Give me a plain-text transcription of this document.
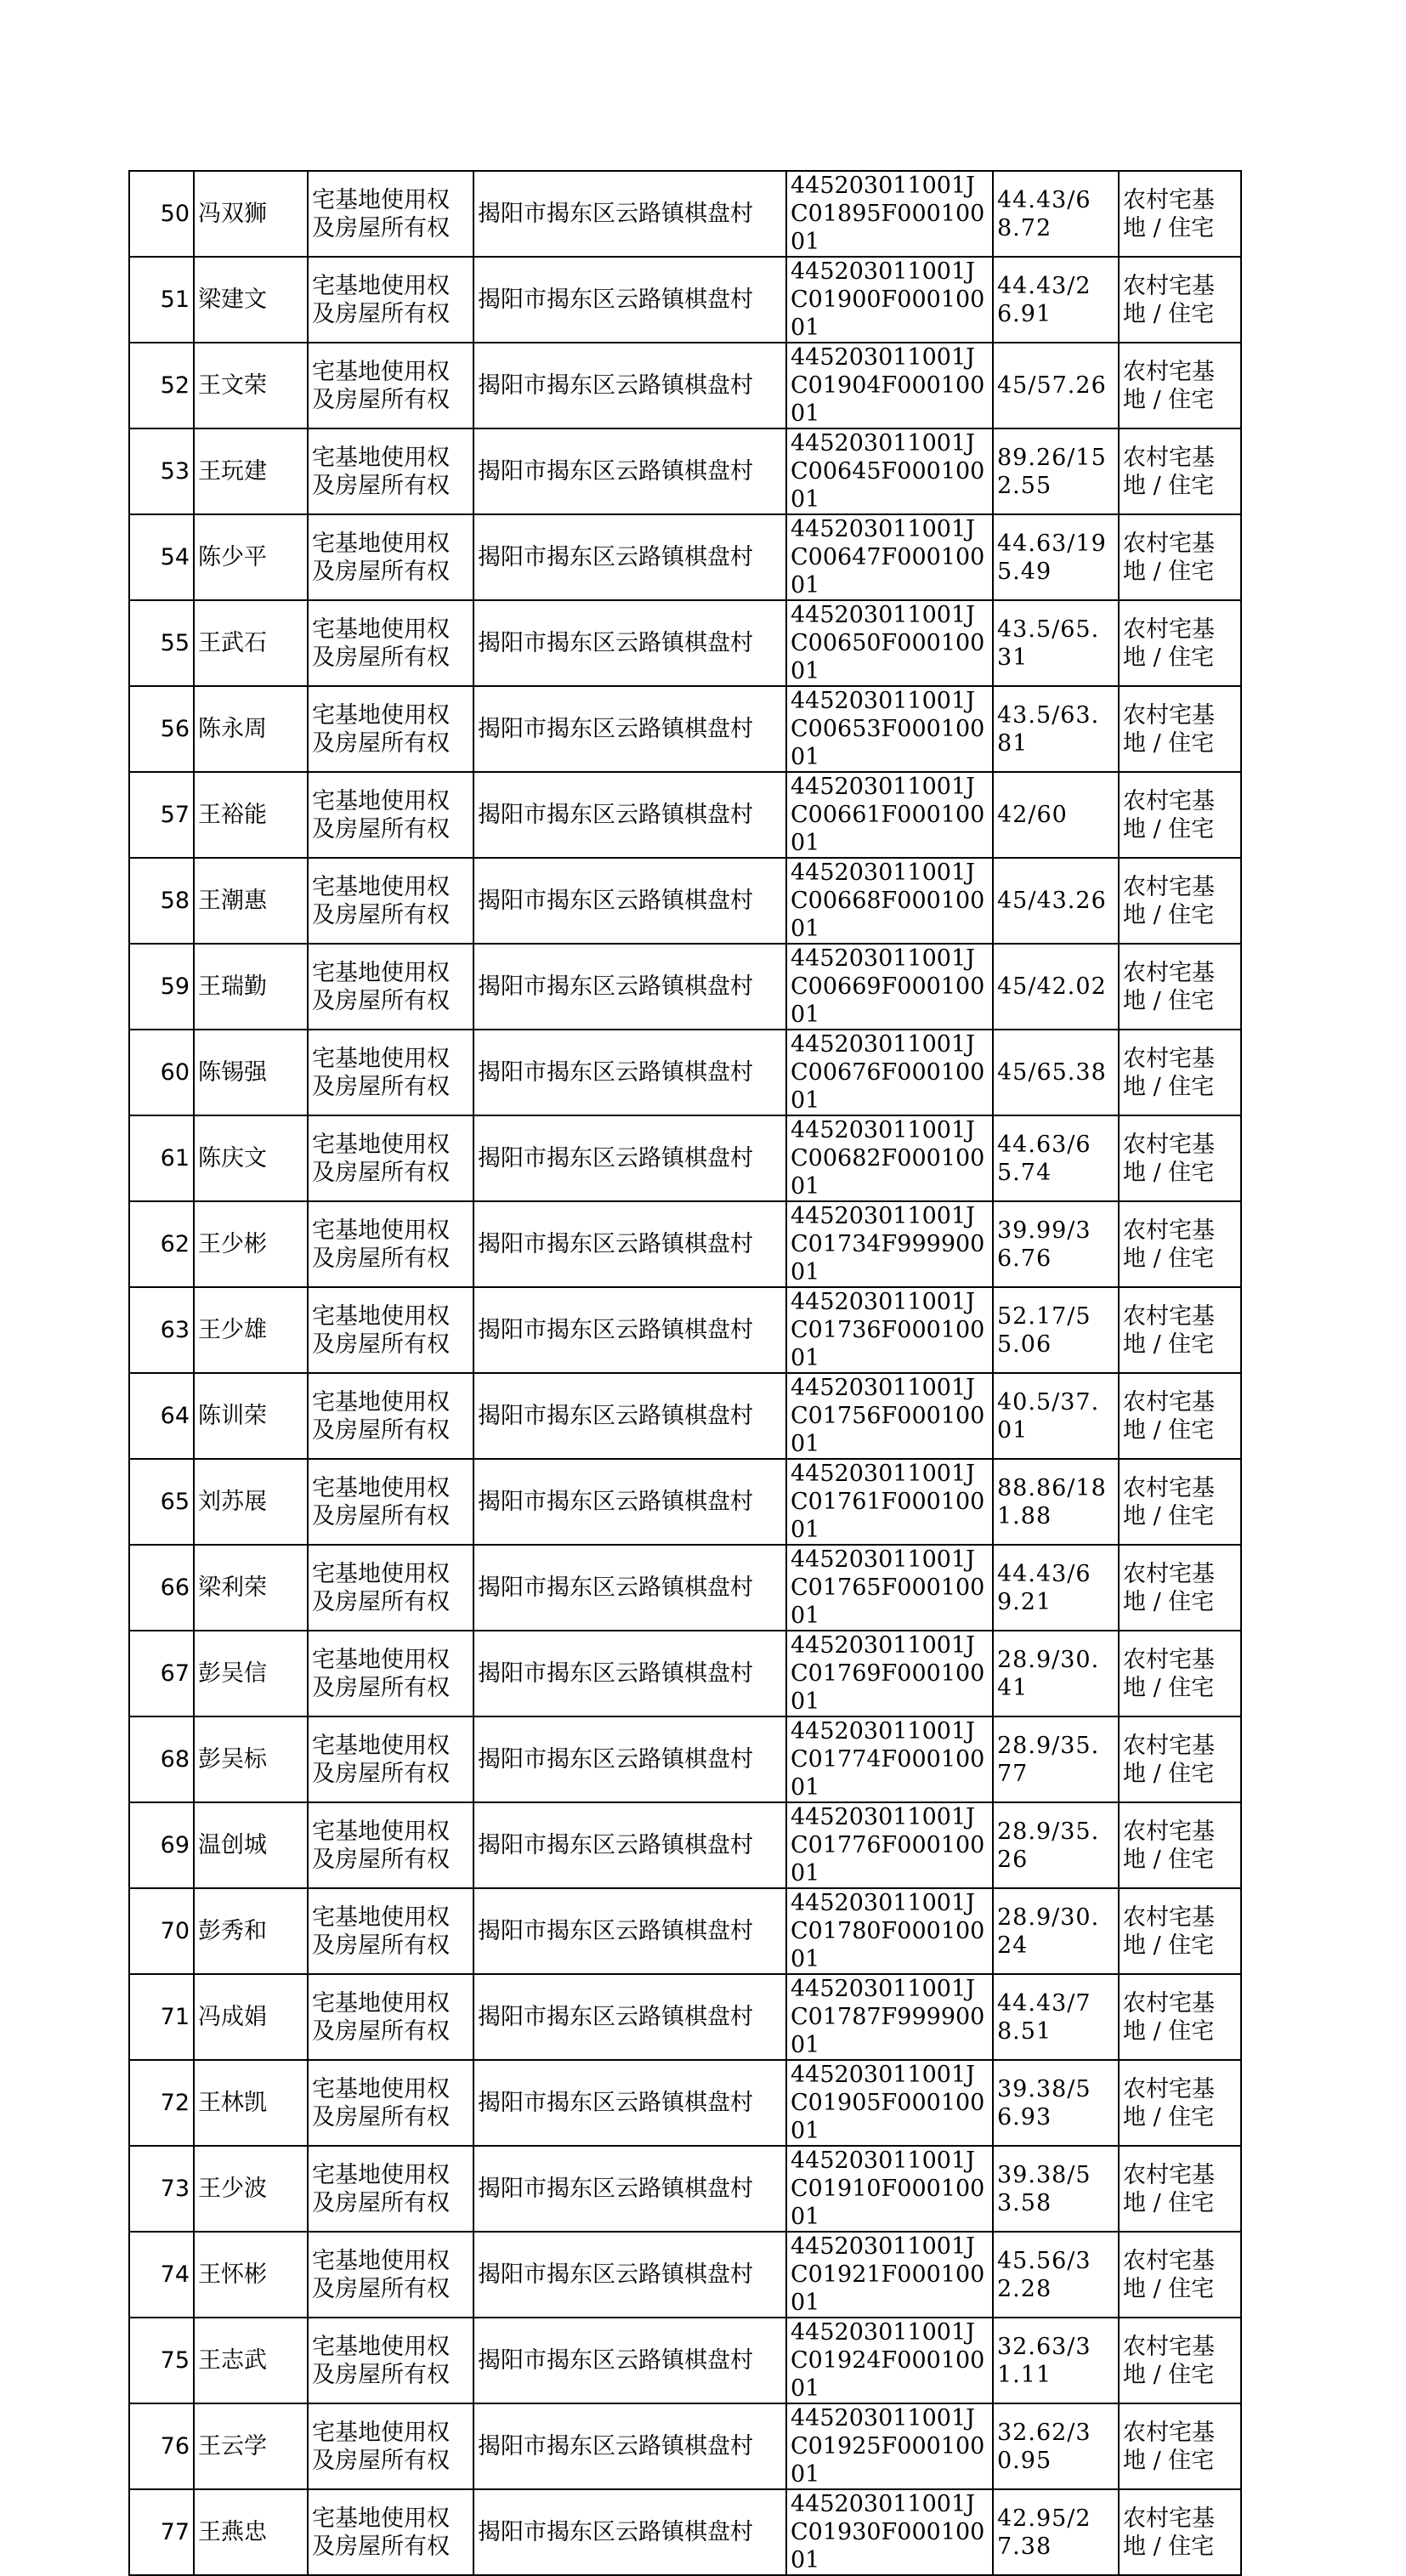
50	冯双狮	宅基地使用权及房屋所有权	揭阳市揭东区云路镇棋盘村	445203011001JC01895F00010001	44.43/68.72	农村宅基地 / 住宅
51	梁建文	宅基地使用权及房屋所有权	揭阳市揭东区云路镇棋盘村	445203011001JC01900F00010001	44.43/26.91	农村宅基地 / 住宅
52	王文荣	宅基地使用权及房屋所有权	揭阳市揭东区云路镇棋盘村	445203011001JC01904F00010001	45/57.26	农村宅基地 / 住宅
53	王玩建	宅基地使用权及房屋所有权	揭阳市揭东区云路镇棋盘村	445203011001JC00645F00010001	89.26/152.55	农村宅基地 / 住宅
54	陈少平	宅基地使用权及房屋所有权	揭阳市揭东区云路镇棋盘村	445203011001JC00647F00010001	44.63/195.49	农村宅基地 / 住宅
55	王武石	宅基地使用权及房屋所有权	揭阳市揭东区云路镇棋盘村	445203011001JC00650F00010001	43.5/65.31	农村宅基地 / 住宅
56	陈永周	宅基地使用权及房屋所有权	揭阳市揭东区云路镇棋盘村	445203011001JC00653F00010001	43.5/63.81	农村宅基地 / 住宅
57	王裕能	宅基地使用权及房屋所有权	揭阳市揭东区云路镇棋盘村	445203011001JC00661F00010001	42/60	农村宅基地 / 住宅
58	王潮惠	宅基地使用权及房屋所有权	揭阳市揭东区云路镇棋盘村	445203011001JC00668F00010001	45/43.26	农村宅基地 / 住宅
59	王瑞勤	宅基地使用权及房屋所有权	揭阳市揭东区云路镇棋盘村	445203011001JC00669F00010001	45/42.02	农村宅基地 / 住宅
60	陈锡强	宅基地使用权及房屋所有权	揭阳市揭东区云路镇棋盘村	445203011001JC00676F00010001	45/65.38	农村宅基地 / 住宅
61	陈庆文	宅基地使用权及房屋所有权	揭阳市揭东区云路镇棋盘村	445203011001JC00682F00010001	44.63/65.74	农村宅基地 / 住宅
62	王少彬	宅基地使用权及房屋所有权	揭阳市揭东区云路镇棋盘村	445203011001JC01734F99990001	39.99/36.76	农村宅基地 / 住宅
63	王少雄	宅基地使用权及房屋所有权	揭阳市揭东区云路镇棋盘村	445203011001JC01736F00010001	52.17/55.06	农村宅基地 / 住宅
64	陈训荣	宅基地使用权及房屋所有权	揭阳市揭东区云路镇棋盘村	445203011001JC01756F00010001	40.5/37.01	农村宅基地 / 住宅
65	刘苏展	宅基地使用权及房屋所有权	揭阳市揭东区云路镇棋盘村	445203011001JC01761F00010001	88.86/181.88	农村宅基地 / 住宅
66	梁利荣	宅基地使用权及房屋所有权	揭阳市揭东区云路镇棋盘村	445203011001JC01765F00010001	44.43/69.21	农村宅基地 / 住宅
67	彭吴信	宅基地使用权及房屋所有权	揭阳市揭东区云路镇棋盘村	445203011001JC01769F00010001	28.9/30.41	农村宅基地 / 住宅
68	彭吴标	宅基地使用权及房屋所有权	揭阳市揭东区云路镇棋盘村	445203011001JC01774F00010001	28.9/35.77	农村宅基地 / 住宅
69	温创城	宅基地使用权及房屋所有权	揭阳市揭东区云路镇棋盘村	445203011001JC01776F00010001	28.9/35.26	农村宅基地 / 住宅
70	彭秀和	宅基地使用权及房屋所有权	揭阳市揭东区云路镇棋盘村	445203011001JC01780F00010001	28.9/30.24	农村宅基地 / 住宅
71	冯成娟	宅基地使用权及房屋所有权	揭阳市揭东区云路镇棋盘村	445203011001JC01787F99990001	44.43/78.51	农村宅基地 / 住宅
72	王林凯	宅基地使用权及房屋所有权	揭阳市揭东区云路镇棋盘村	445203011001JC01905F00010001	39.38/56.93	农村宅基地 / 住宅
73	王少波	宅基地使用权及房屋所有权	揭阳市揭东区云路镇棋盘村	445203011001JC01910F00010001	39.38/53.58	农村宅基地 / 住宅
74	王怀彬	宅基地使用权及房屋所有权	揭阳市揭东区云路镇棋盘村	445203011001JC01921F00010001	45.56/32.28	农村宅基地 / 住宅
75	王志武	宅基地使用权及房屋所有权	揭阳市揭东区云路镇棋盘村	445203011001JC01924F00010001	32.63/31.11	农村宅基地 / 住宅
76	王云学	宅基地使用权及房屋所有权	揭阳市揭东区云路镇棋盘村	445203011001JC01925F00010001	32.62/30.95	农村宅基地 / 住宅
77	王燕忠	宅基地使用权及房屋所有权	揭阳市揭东区云路镇棋盘村	445203011001JC01930F00010001	42.95/27.38	农村宅基地 / 住宅
